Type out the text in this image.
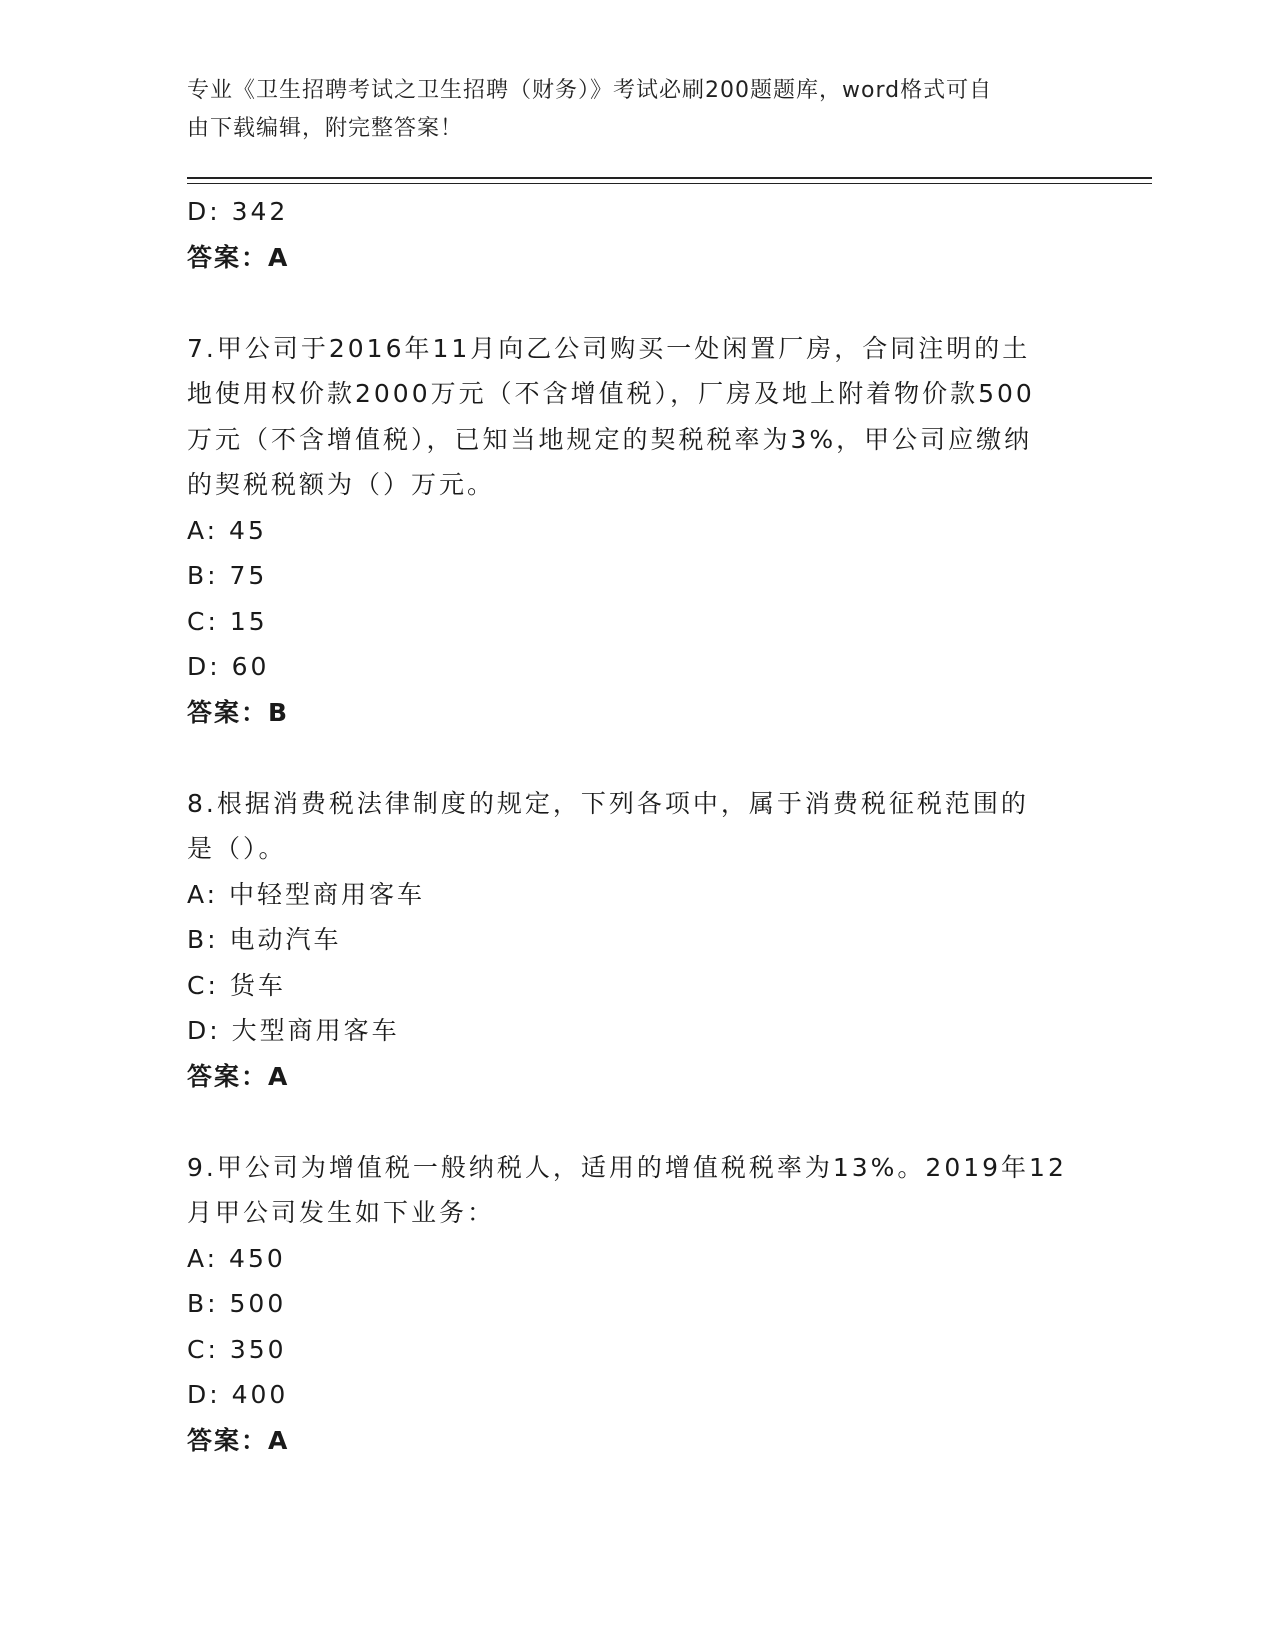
专业《卫生招聘考试之卫生招聘（财务）》考试必刷200题题库，word格式可自
由下载编辑，附完整答案！
D: 342
答案：A
7.甲公司于2016年11月向乙公司购买一处闲置厂房，合同注明的土
地使用权价款2000万元（不含增值税），厂房及地上附着物价款500
万元（不含增值税），已知当地规定的契税税率为3%，甲公司应缴纳
的契税税额为（）万元。
A: 45
B: 75
C: 15
D: 60
答案：B
8.根据消费税法律制度的规定，下列各项中，属于消费税征税范围的
是（）。
A: 中轻型商用客车
B: 电动汽车
C: 货车
D: 大型商用客车
答案：A
9.甲公司为增值税一般纳税人，适用的增值税税率为13%。2019年12
月甲公司发生如下业务：
A: 450
B: 500
C: 350
D: 400
答案：A
